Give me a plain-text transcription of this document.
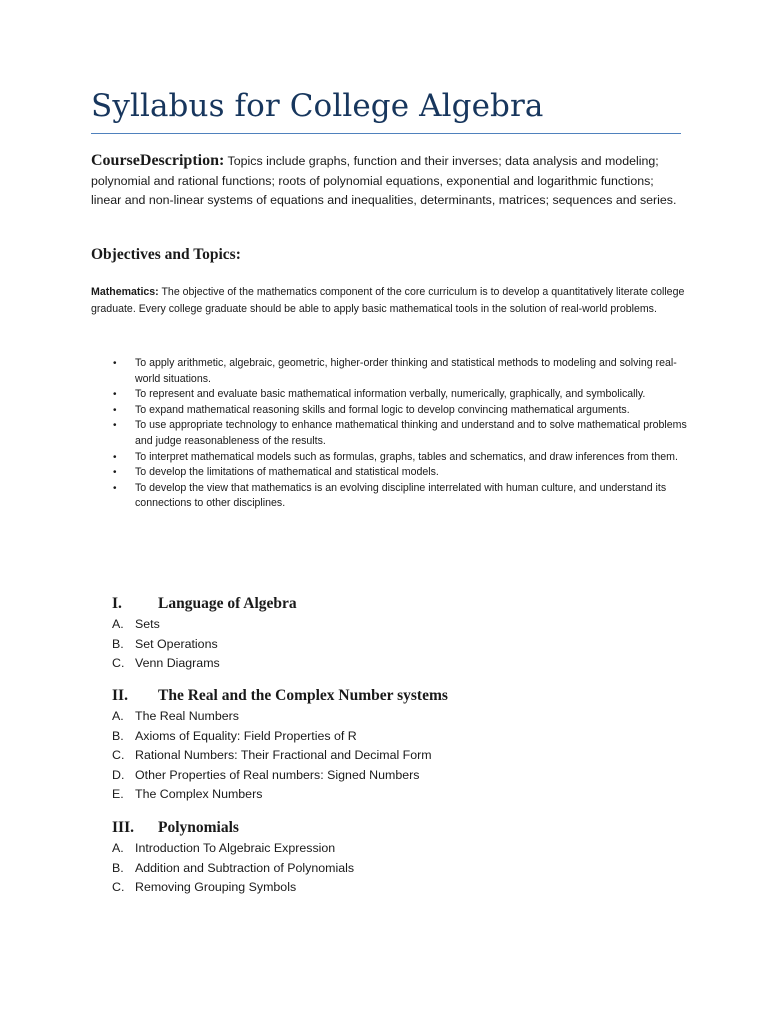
Syllabus for College Algebra
CourseDescription: Topics include graphs, function and their inverses; data analysis and modeling; polynomial and rational functions; roots of polynomial equations, exponential and logarithmic functions; linear and non-linear systems of equations and inequalities, determinants, matrices; sequences and series.
Objectives and Topics:
Mathematics: The objective of the mathematics component of the core curriculum is to develop a quantitatively literate college graduate. Every college graduate should be able to apply basic mathematical tools in the solution of real-world problems.
• To apply arithmetic, algebraic, geometric, higher-order thinking and statistical methods to modeling and solving real-world situations.
• To represent and evaluate basic mathematical information verbally, numerically, graphically, and symbolically.
• To expand mathematical reasoning skills and formal logic to develop convincing mathematical arguments.
• To use appropriate technology to enhance mathematical thinking and understand and to solve mathematical problems and judge reasonableness of the results.
• To interpret mathematical models such as formulas, graphs, tables and schematics, and draw inferences from them.
• To develop the limitations of mathematical and statistical models.
• To develop the view that mathematics is an evolving discipline interrelated with human culture, and understand its connections to other disciplines.
I. Language of Algebra
A. Sets
B. Set Operations
C. Venn Diagrams
II. The Real and the Complex Number systems
A. The Real Numbers
B. Axioms of Equality: Field Properties of R
C. Rational Numbers: Their Fractional and Decimal Form
D. Other Properties of Real numbers: Signed Numbers
E. The Complex Numbers
III. Polynomials
A. Introduction To Algebraic Expression
B. Addition and Subtraction of Polynomials
C. Removing Grouping Symbols
